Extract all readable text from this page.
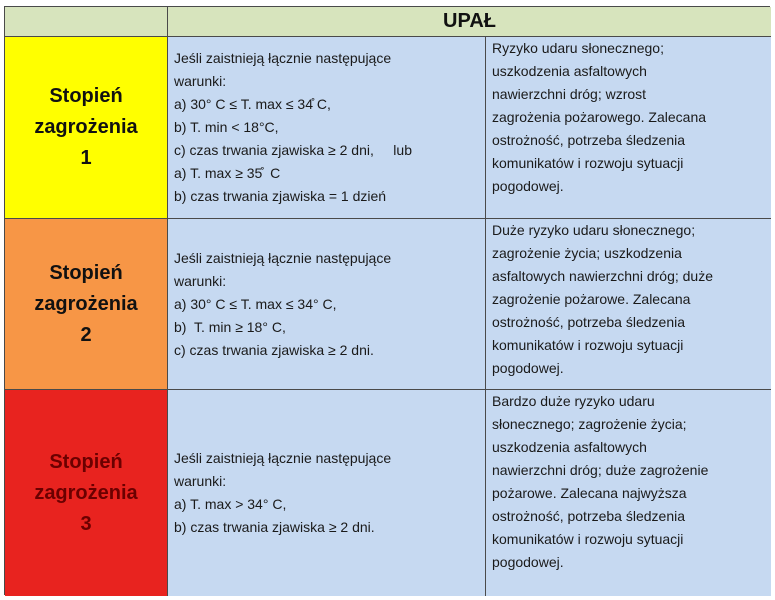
UPAŁ
Stopień
zagrożenia
1
Jeśli zaistnieją łącznie następujące
warunki:
a) 30° C ≤ T. max ≤ 34̊ C,
b) T. min < 18°C,
c) czas trwania zjawiska ≥ 2 dni,     lub
a) T. max ≥ 35̊  C
b) czas trwania zjawiska = 1 dzień
Ryzyko udaru słonecznego;
uszkodzenia asfaltowych
nawierzchni dróg; wzrost
zagrożenia pożarowego. Zalecana
ostrożność, potrzeba śledzenia
komunikatów i rozwoju sytuacji
pogodowej.
Stopień
zagrożenia
2
Jeśli zaistnieją łącznie następujące
warunki:
a) 30° C ≤ T. max ≤ 34° C,
b)  T. min ≥ 18° C,
c) czas trwania zjawiska ≥ 2 dni.
Duże ryzyko udaru słonecznego;
zagrożenie życia; uszkodzenia
asfaltowych nawierzchni dróg; duże
zagrożenie pożarowe. Zalecana
ostrożność, potrzeba śledzenia
komunikatów i rozwoju sytuacji
pogodowej.
Stopień
zagrożenia
3
Jeśli zaistnieją łącznie następujące
warunki:
a) T. max > 34° C,
b) czas trwania zjawiska ≥ 2 dni.
Bardzo duże ryzyko udaru
słonecznego; zagrożenie życia;
uszkodzenia asfaltowych
nawierzchni dróg; duże zagrożenie
pożarowe. Zalecana najwyższa
ostrożność, potrzeba śledzenia
komunikatów i rozwoju sytuacji
pogodowej.
